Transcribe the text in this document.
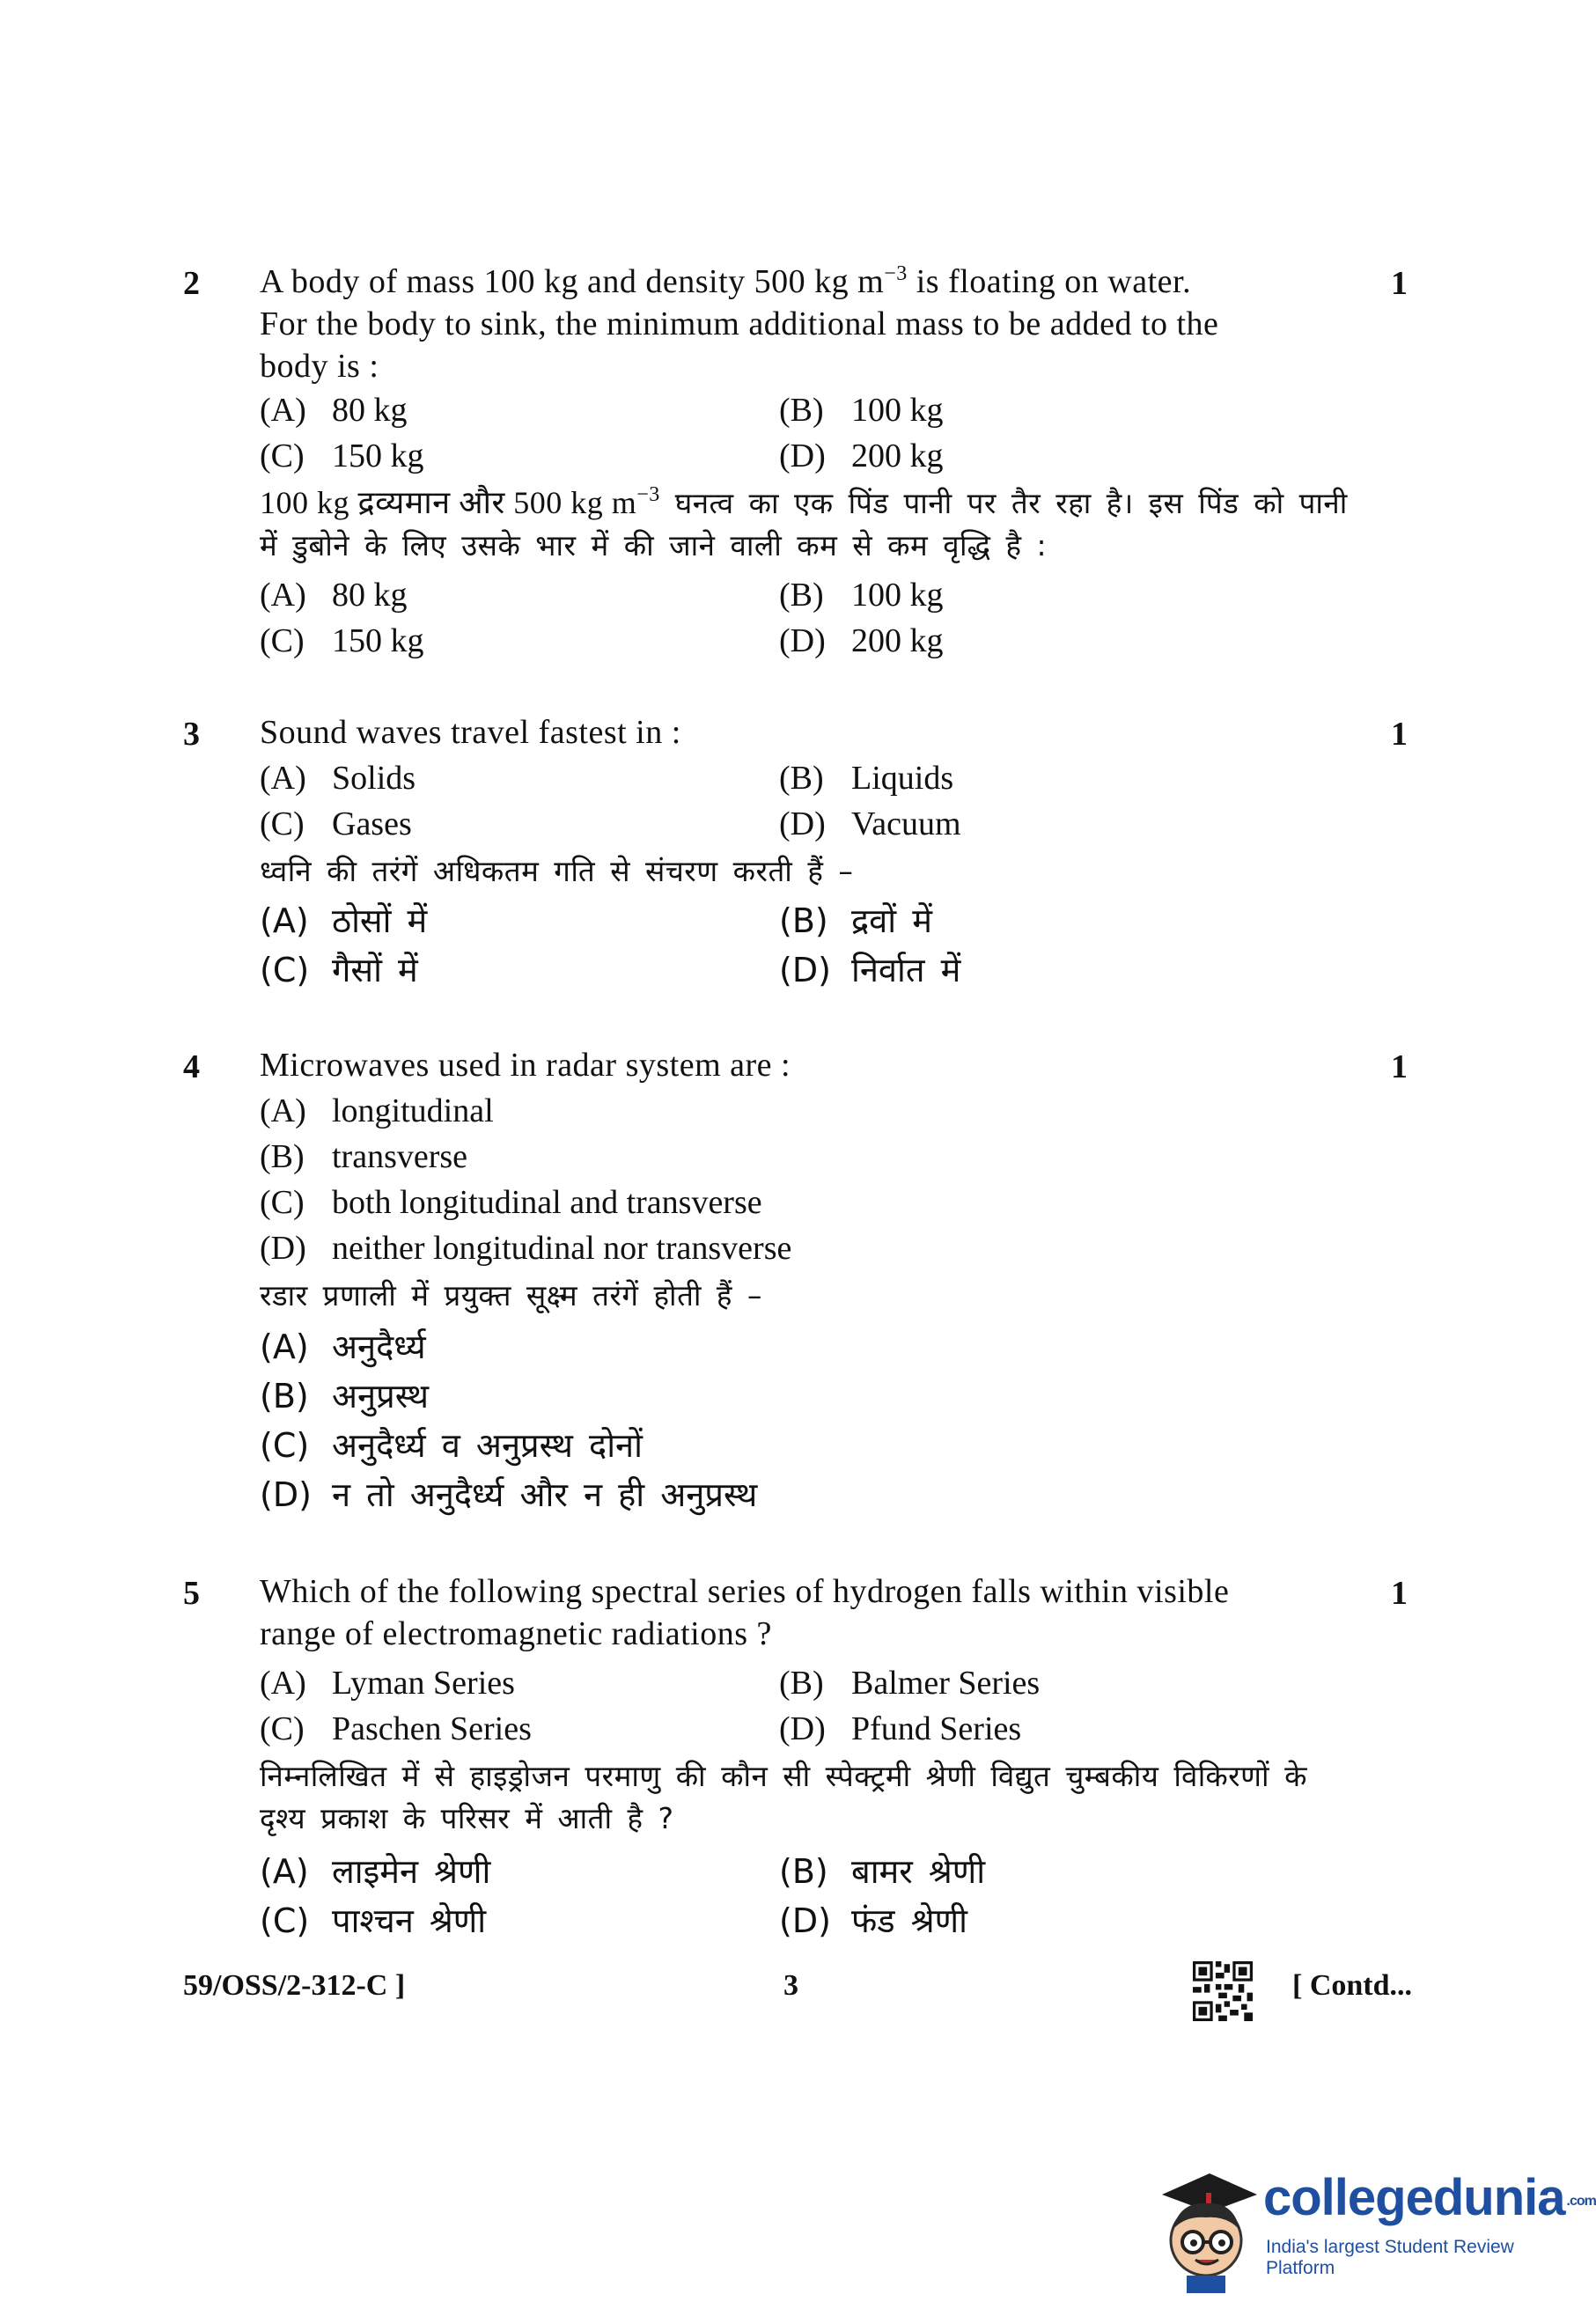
2	1
A body of mass 100 kg and density 500 kg $m^{-3}$ is floating on water.
For the body to sink, the minimum additional mass to be added to the
body is :
(A) 80 kg	(B) 100 kg
(C) 150 kg	(D) 200 kg
100 kg द्रव्यमान और 500 kg $m^{-3}$ घनत्व का एक पिंड पानी पर तैर रहा है। इस पिंड को पानी
में डुबोने के लिए उसके भार में की जाने वाली कम से कम वृद्धि है :
(A) 80 kg	(B) 100 kg
(C) 150 kg	(D) 200 kg
3	1
Sound waves travel fastest in :
(A) Solids	(B) Liquids
(C) Gases	(D) Vacuum
ध्वनि की तरंगें अधिकतम गति से संचरण करती हैं –
(A) ठोसों में	(B) द्रवों में
(C) गैसों में	(D) निर्वात में
4	1
Microwaves used in radar system are :
(A) longitudinal
(B) transverse
(C) both longitudinal and transverse
(D) neither longitudinal nor transverse
रडार प्रणाली में प्रयुक्त सूक्ष्म तरंगें होती हैं –
(A) अनुदैर्ध्य
(B) अनुप्रस्थ
(C) अनुदैर्ध्य व अनुप्रस्थ दोनों
(D) न तो अनुदैर्ध्य और न ही अनुप्रस्थ
5	1
Which of the following spectral series of hydrogen falls within visible
range of electromagnetic radiations ?
(A) Lyman Series	(B) Balmer Series
(C) Paschen Series	(D) Pfund Series
निम्नलिखित में से हाइड्रोजन परमाणु की कौन सी स्पेक्ट्रमी श्रेणी विद्युत चुम्बकीय विकिरणों के
दृश्य प्रकाश के परिसर में आती है ?
(A) लाइमेन श्रेणी	(B) बामर श्रेणी
(C) पाश्चन श्रेणी	(D) फंड श्रेणी
59/OSS/2-312-C ]	3	[ Contd...
collegedunia .com
India's largest Student Review Platform
